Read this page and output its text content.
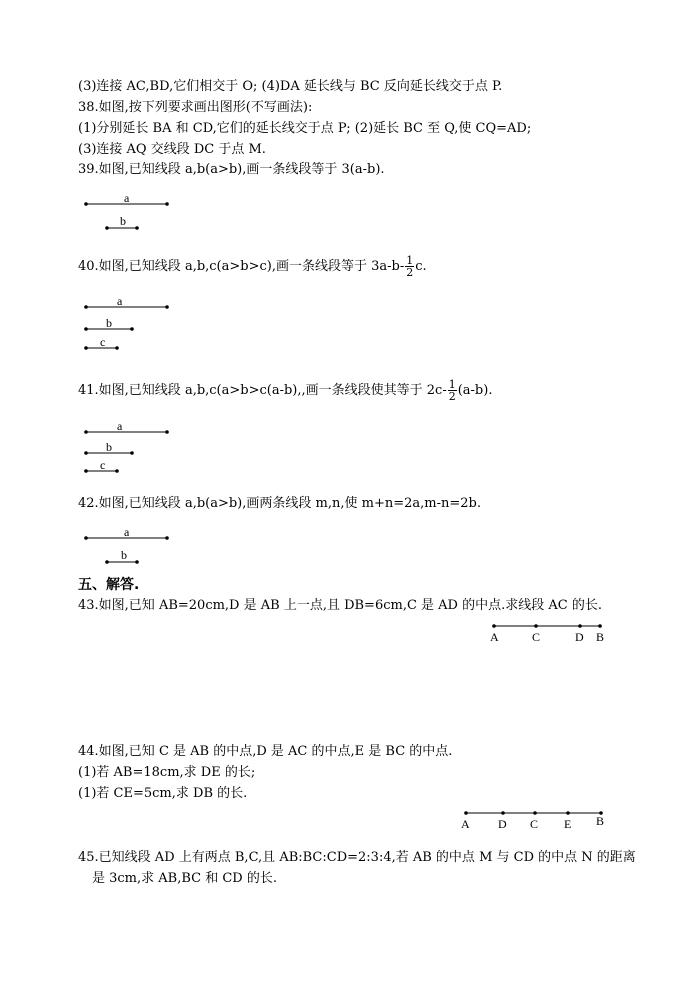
(3)连接 AC,BD,它们相交于 O; (4)DA 延长线与 BC 反向延长线交于点 P.
38.如图,按下列要求画出图形(不写画法):
(1)分别延长 BA 和 CD,它们的延长线交于点 P; (2)延长 BC 至 Q,使 CQ=AD;
(3)连接 AQ 交线段 DC 于点 M.
39.如图,已知线段 a,b(a>b),画一条线段等于 3(a-b).
a
b
40.如图,已知线段 a,b,c(a>b>c),画一条线段等于 $3a-b- \frac{1}{2} c$.
a
b
c
41.如图,已知线段 a,b,c(a>b>c(a-b),,画一条线段使其等于 $2c- \frac{1}{2} (a-b)$.
a
b
c
42.如图,已知线段 a,b(a>b),画两条线段 m,n,使 m+n=2a,m-n=2b.
a
b
五、解答.
43.如图,已知 AB=20cm,D 是 AB 上一点,且 DB=6cm,C 是 AD 的中点.求线段 AC 的长.
A	C	D B
44.如图,已知 C 是 AB 的中点,D 是 AC 的中点,E 是 BC 的中点.
(1)若 AB=18cm,求 DE 的长;
(1)若 CE=5cm,求 DB 的长.
A D C E B
45.已知线段 AD 上有两点 B,C,且 AB:BC:CD=2:3:4,若 AB 的中点 M 与 CD 的中点 N 的距离
是 3cm,求 AB,BC 和 CD 的长.
